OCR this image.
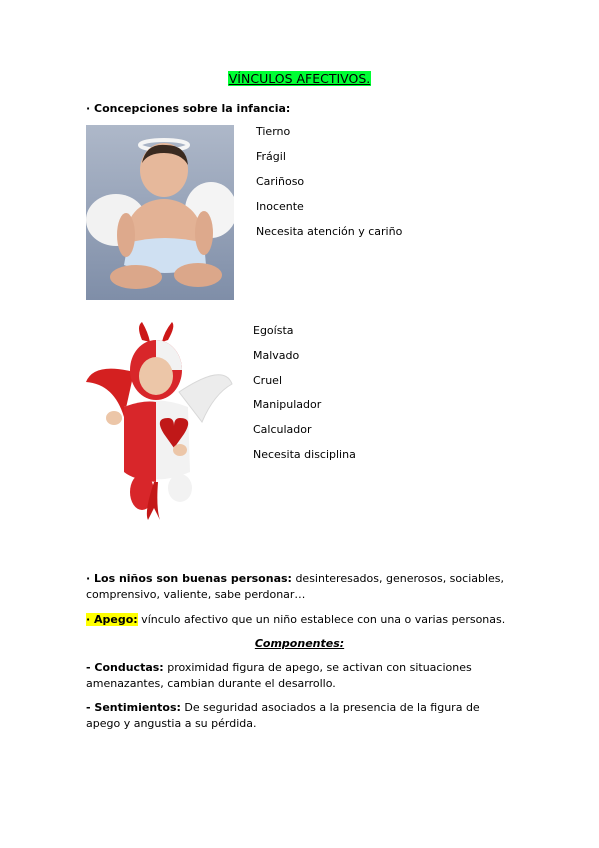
VÍNCULOS AFECTIVOS.
· Concepciones sobre la infancia:
Tierno
Frágil
Cariñoso
Inocente
Necesita atención y cariño
Egoísta
Malvado
Cruel
Manipulador
Calculador
Necesita disciplina
· Los niños son buenas personas: desinteresados, generosos, sociables, comprensivo, valiente, sabe perdonar…
· Apego: vínculo afectivo que un niño establece con una o varias personas.
Componentes:
- Conductas: proximidad figura de apego, se activan con situaciones amenazantes, cambian durante el desarrollo.
- Sentimientos: De seguridad asociados a la presencia de la figura de apego y angustia a su pérdida.
